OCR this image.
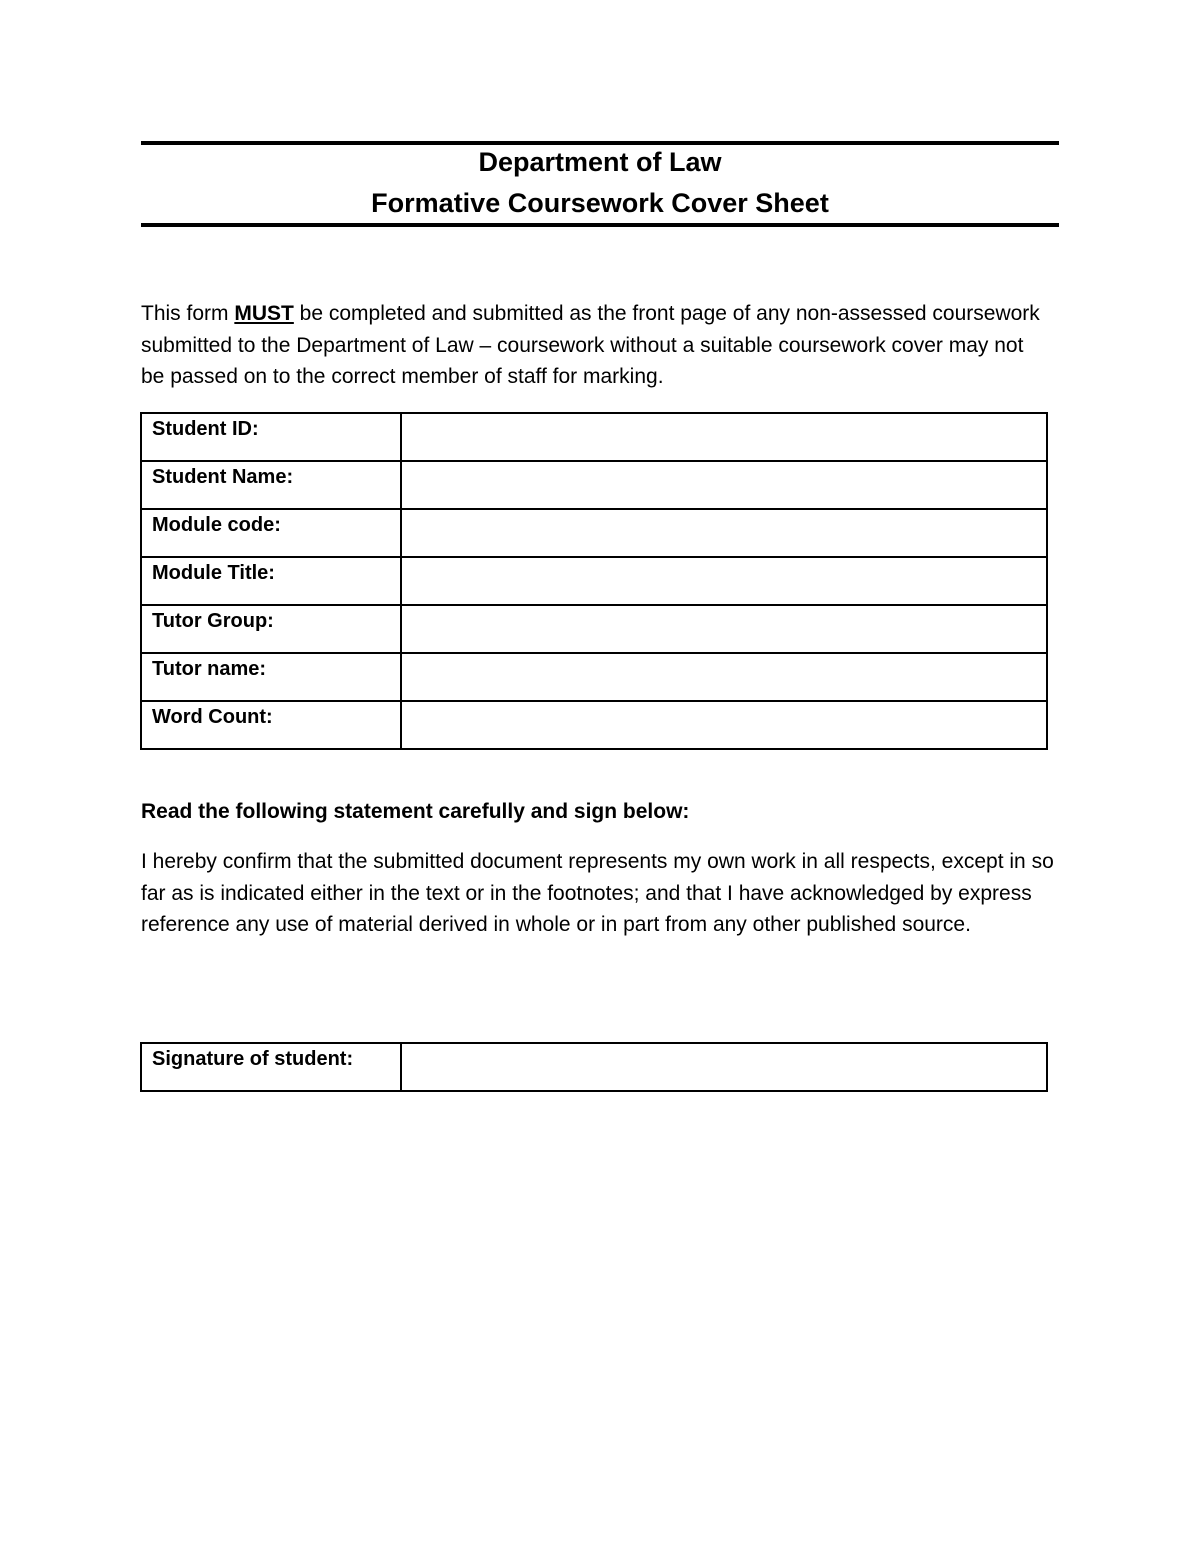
Department of Law
Formative Coursework Cover Sheet

This form MUST be completed and submitted as the front page of any non-assessed coursework submitted to the Department of Law – coursework without a suitable coursework cover may not be passed on to the correct member of staff for marking.

Student ID:	
Student Name:	
Module code:	
Module Title:	
Tutor Group:	
Tutor name:	
Word Count:	

Read the following statement carefully and sign below:

I hereby confirm that the submitted document represents my own work in all respects, except in so far as is indicated either in the text or in the footnotes; and that I have acknowledged by express reference any use of material derived in whole or in part from any other published source.

Signature of student:	
